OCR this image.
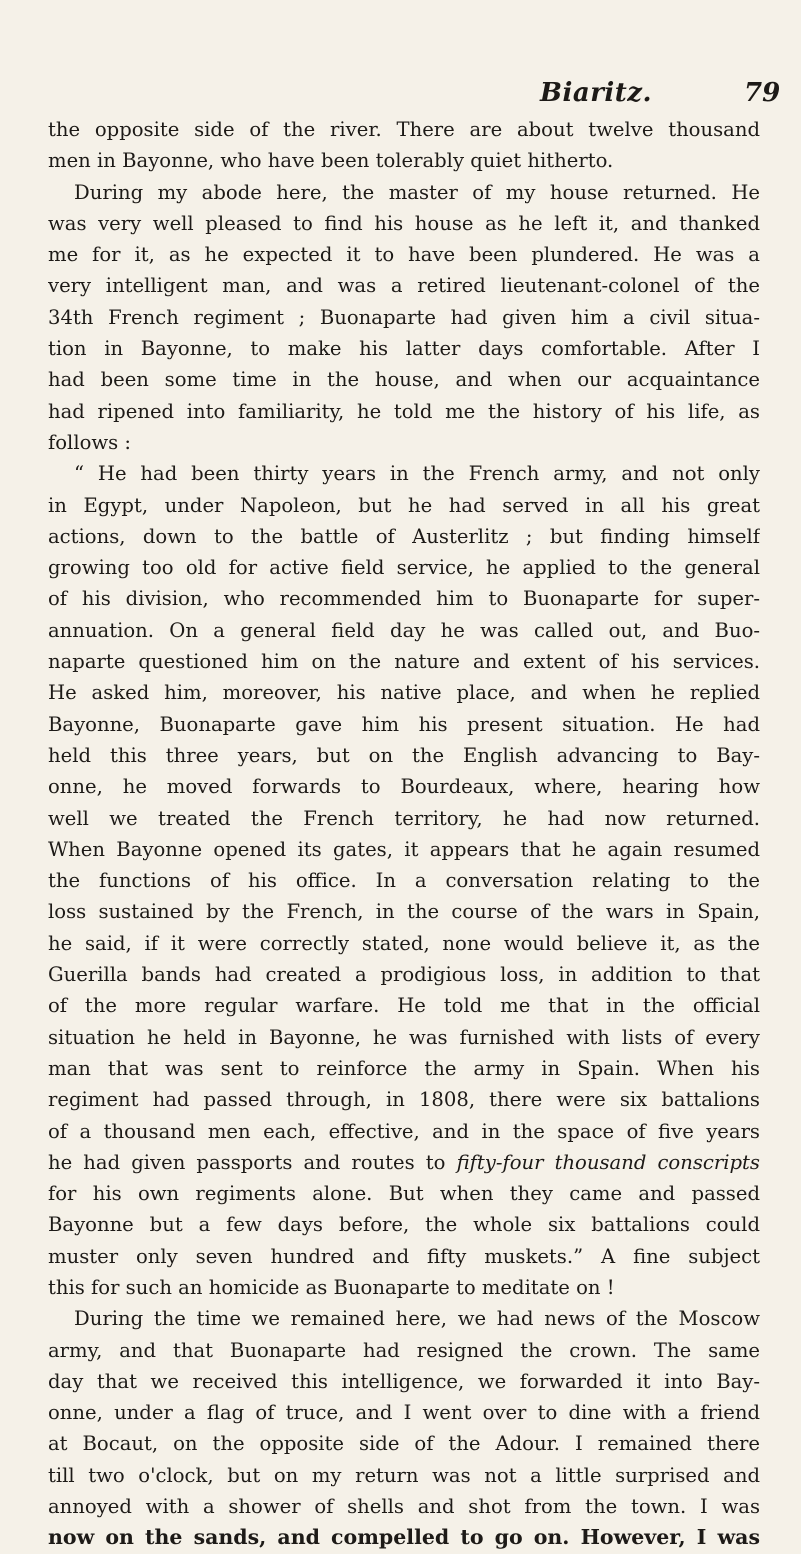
Biaritz.	79
the opposite side of the river. There are about twelve thousand
men in Bayonne, who have been tolerably quiet hitherto.
During my abode here, the master of my house returned. He
was very well pleased to find his house as he left it, and thanked
me for it, as he expected it to have been plundered. He was a
very intelligent man, and was a retired lieutenant-colonel of the
34th French regiment ; Buonaparte had given him a civil situa-
tion in Bayonne, to make his latter days comfortable. After I
had been some time in the house, and when our acquaintance
had ripened into familiarity, he told me the history of his life, as
follows :
“ He had been thirty years in the French army, and not only
in Egypt, under Napoleon, but he had served in all his great
actions, down to the battle of Austerlitz ; but finding himself
growing too old for active field service, he applied to the general
of his division, who recommended him to Buonaparte for super-
annuation. On a general field day he was called out, and Buo-
naparte questioned him on the nature and extent of his services.
He asked him, moreover, his native place, and when he replied
Bayonne, Buonaparte gave him his present situation. He had
held this three years, but on the English advancing to Bay-
onne, he moved forwards to Bourdeaux, where, hearing how
well we treated the French territory, he had now returned.
When Bayonne opened its gates, it appears that he again resumed
the functions of his office. In a conversation relating to the
loss sustained by the French, in the course of the wars in Spain,
he said, if it were correctly stated, none would believe it, as the
Guerilla bands had created a prodigious loss, in addition to that
of the more regular warfare. He told me that in the official
situation he held in Bayonne, he was furnished with lists of every
man that was sent to reinforce the army in Spain. When his
regiment had passed through, in 1808, there were six battalions
of a thousand men each, effective, and in the space of five years
he had given passports and routes to fifty-four thousand conscripts
for his own regiments alone. But when they came and passed
Bayonne but a few days before, the whole six battalions could
muster only seven hundred and fifty muskets.” A fine subject
this for such an homicide as Buonaparte to meditate on !
During the time we remained here, we had news of the Moscow
army, and that Buonaparte had resigned the crown. The same
day that we received this intelligence, we forwarded it into Bay-
onne, under a flag of truce, and I went over to dine with a friend
at Bocaut, on the opposite side of the Adour. I remained there
till two o'clock, but on my return was not a little surprised and
annoyed with a shower of shells and shot from the town. I was
now on the sands, and compelled to go on. However, I was
